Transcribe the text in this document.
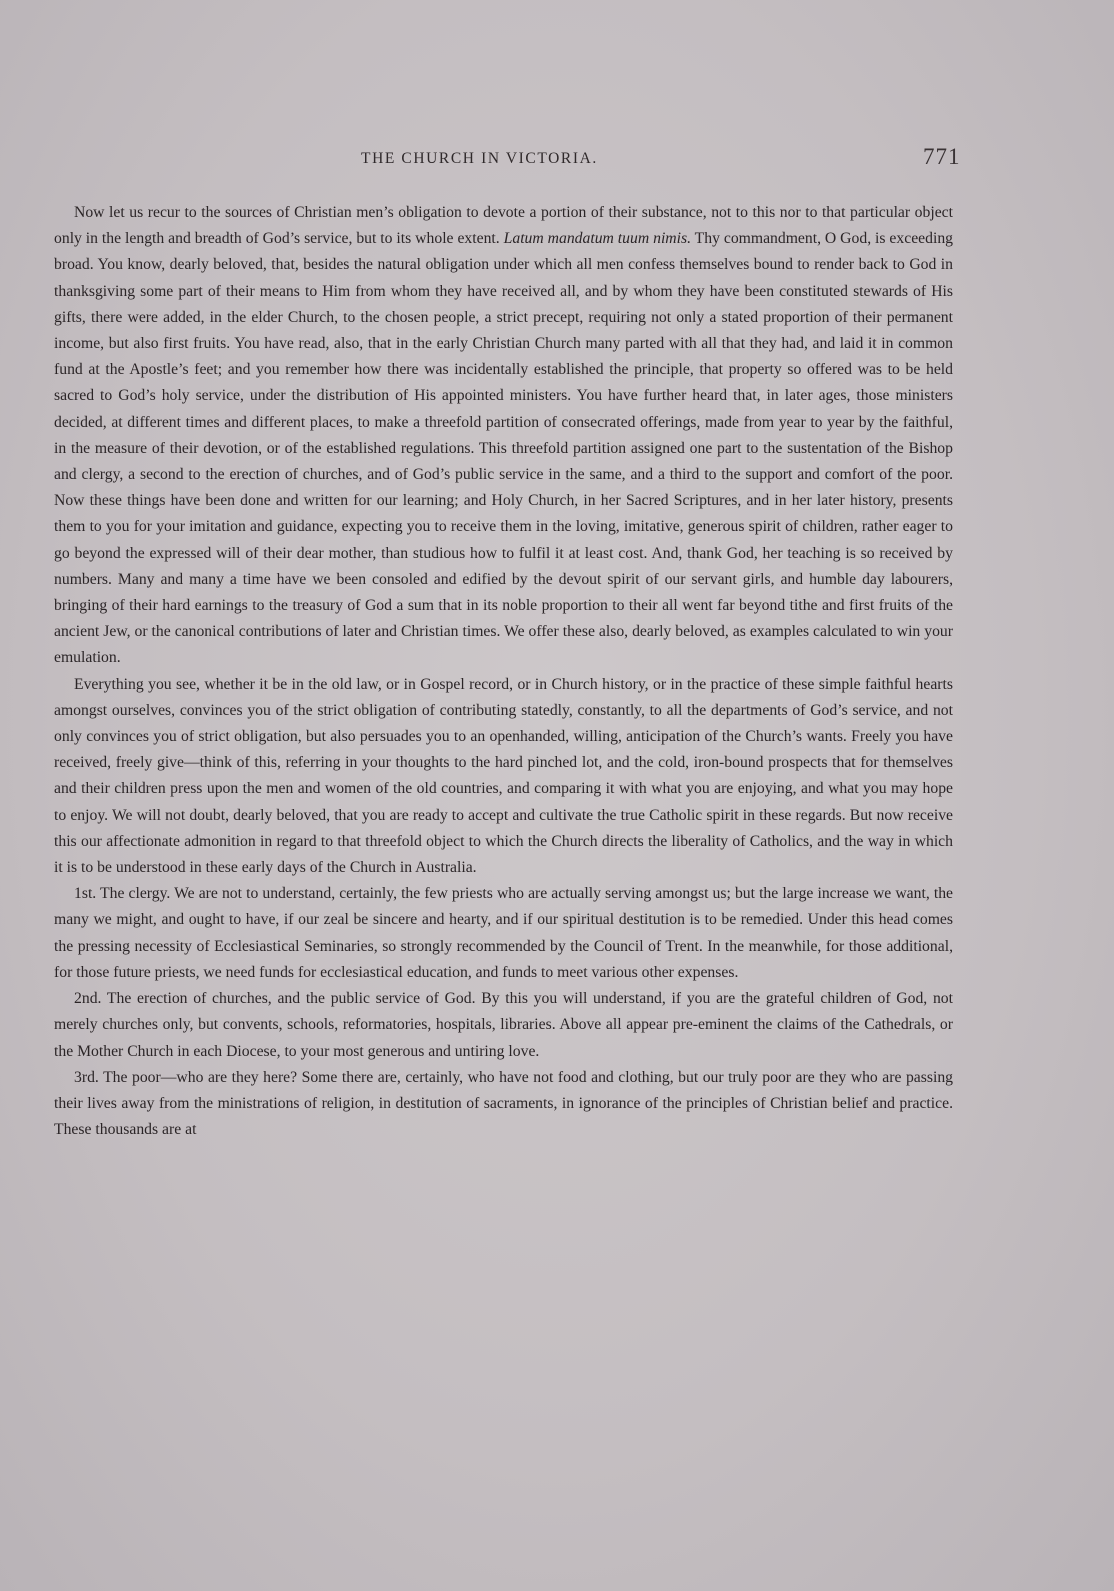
THE CHURCH IN VICTORIA.	771

Now let us recur to the sources of Christian men’s obligation to devote a portion of their substance, not to this nor to that particular object only in the length and breadth of God’s service, but to its whole extent. Latum mandatum tuum nimis. Thy commandment, O God, is exceeding broad. You know, dearly beloved, that, besides the natural obligation under which all men confess themselves bound to render back to God in thanksgiving some part of their means to Him from whom they have received all, and by whom they have been constituted stewards of His gifts, there were added, in the elder Church, to the chosen people, a strict precept, requiring not only a stated proportion of their permanent income, but also first fruits. You have read, also, that in the early Christian Church many parted with all that they had, and laid it in common fund at the Apostle’s feet; and you remember how there was incidentally established the principle, that property so offered was to be held sacred to God’s holy service, under the distribution of His appointed ministers. You have further heard that, in later ages, those ministers decided, at different times and different places, to make a threefold partition of consecrated offerings, made from year to year by the faithful, in the measure of their devotion, or of the established regulations. This threefold partition assigned one part to the sustentation of the Bishop and clergy, a second to the erection of churches, and of God’s public service in the same, and a third to the support and comfort of the poor. Now these things have been done and written for our learning; and Holy Church, in her Sacred Scriptures, and in her later history, presents them to you for your imitation and guidance, expecting you to receive them in the loving, imitative, generous spirit of children, rather eager to go beyond the expressed will of their dear mother, than studious how to fulfil it at least cost. And, thank God, her teaching is so received by numbers. Many and many a time have we been consoled and edified by the devout spirit of our servant girls, and humble day labourers, bringing of their hard earnings to the treasury of God a sum that in its noble proportion to their all went far beyond tithe and first fruits of the ancient Jew, or the canonical contributions of later and Christian times. We offer these also, dearly beloved, as examples calculated to win your emulation.

Everything you see, whether it be in the old law, or in Gospel record, or in Church history, or in the practice of these simple faithful hearts amongst ourselves, convinces you of the strict obligation of contributing statedly, constantly, to all the departments of God’s service, and not only convinces you of strict obligation, but also persuades you to an openhanded, willing, anticipation of the Church’s wants. Freely you have received, freely give—think of this, referring in your thoughts to the hard pinched lot, and the cold, iron-bound prospects that for themselves and their children press upon the men and women of the old countries, and comparing it with what you are enjoying, and what you may hope to enjoy. We will not doubt, dearly beloved, that you are ready to accept and cultivate the true Catholic spirit in these regards. But now receive this our affectionate admonition in regard to that threefold object to which the Church directs the liberality of Catholics, and the way in which it is to be understood in these early days of the Church in Australia.

1st. The clergy. We are not to understand, certainly, the few priests who are actually serving amongst us; but the large increase we want, the many we might, and ought to have, if our zeal be sincere and hearty, and if our spiritual destitution is to be remedied. Under this head comes the pressing necessity of Ecclesiastical Seminaries, so strongly recommended by the Council of Trent. In the meanwhile, for those additional, for those future priests, we need funds for ecclesiastical education, and funds to meet various other expenses.

2nd. The erection of churches, and the public service of God. By this you will understand, if you are the grateful children of God, not merely churches only, but convents, schools, reformatories, hospitals, libraries. Above all appear pre-eminent the claims of the Cathedrals, or the Mother Church in each Diocese, to your most generous and untiring love.

3rd. The poor—who are they here? Some there are, certainly, who have not food and clothing, but our truly poor are they who are passing their lives away from the ministrations of religion, in destitution of sacraments, in ignorance of the principles of Christian belief and practice. These thousands are at
